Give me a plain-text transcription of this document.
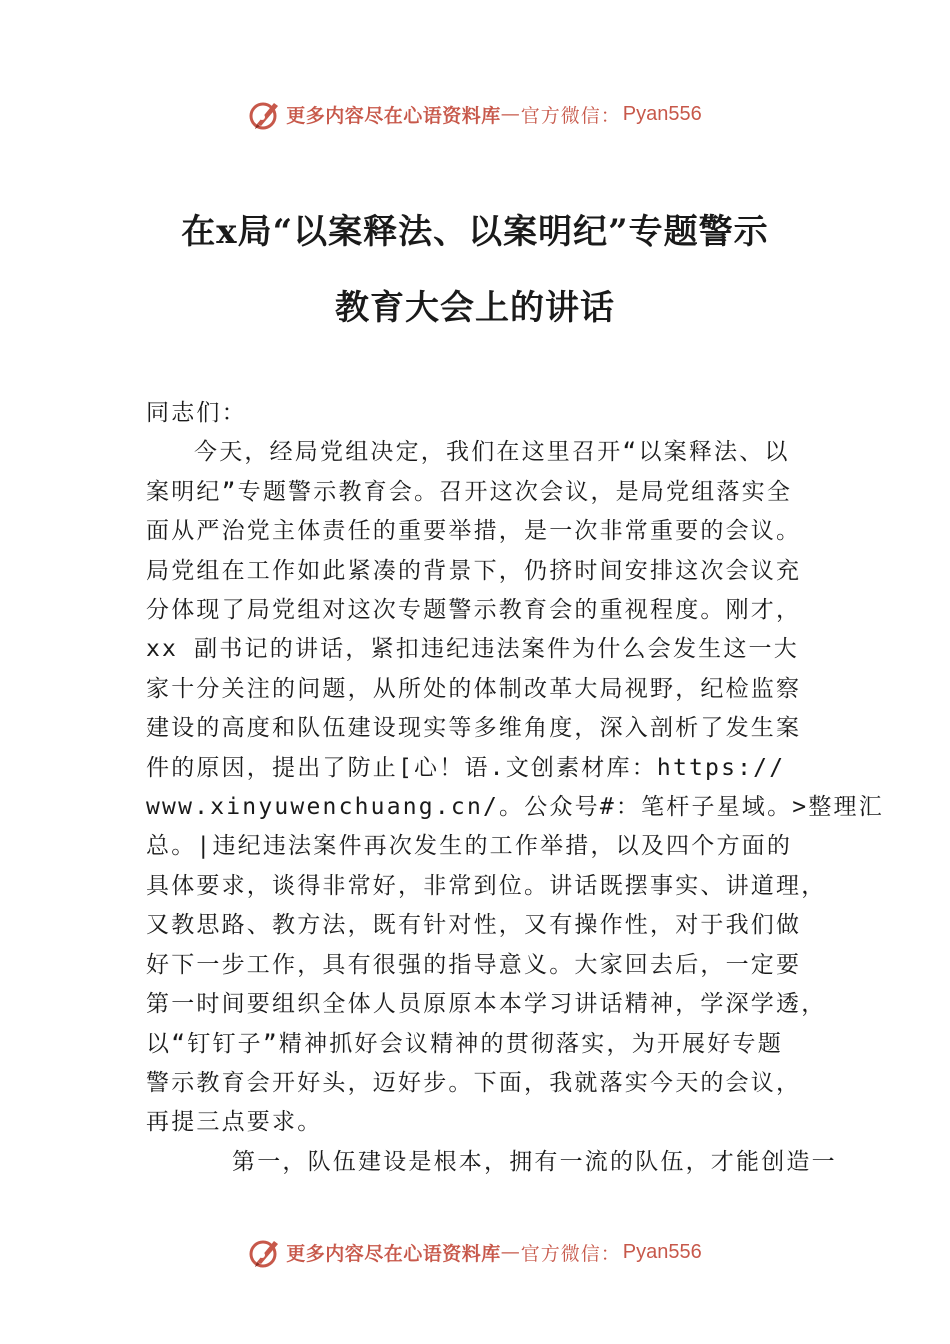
更多内容尽在心语资料库 — 官方微信： Pyan556
在x局“以案释法、以案明纪”专题警示
教育大会上的讲话
同志们：
今天，经局党组决定，我们在这里召开“以案释法、以
案明纪”专题警示教育会。召开这次会议，是局党组落实全
面从严治党主体责任的重要举措，是一次非常重要的会议。
局党组在工作如此紧凑的背景下，仍挤时间安排这次会议充
分体现了局党组对这次专题警示教育会的重视程度。刚才，
xx 副书记的讲话，紧扣违纪违法案件为什么会发生这一大
家十分关注的问题，从所处的体制改革大局视野，纪检监察
建设的高度和队伍建设现实等多维角度，深入剖析了发生案
件的原因，提出了防止[心！语.文创素材库：https://
www.xinyuwenchuang.cn/。公众号#：笔杆子星域。>整理汇
总。|违纪违法案件再次发生的工作举措，以及四个方面的
具体要求，谈得非常好，非常到位。讲话既摆事实、讲道理，
又教思路、教方法，既有针对性，又有操作性，对于我们做
好下一步工作，具有很强的指导意义。大家回去后，一定要
第一时间要组织全体人员原原本本学习讲话精神，学深学透，
以“钉钉子”精神抓好会议精神的贯彻落实，为开展好专题
警示教育会开好头，迈好步。下面，我就落实今天的会议，
再提三点要求。
第一，队伍建设是根本，拥有一流的队伍，才能创造一
更多内容尽在心语资料库 — 官方微信： Pyan556
